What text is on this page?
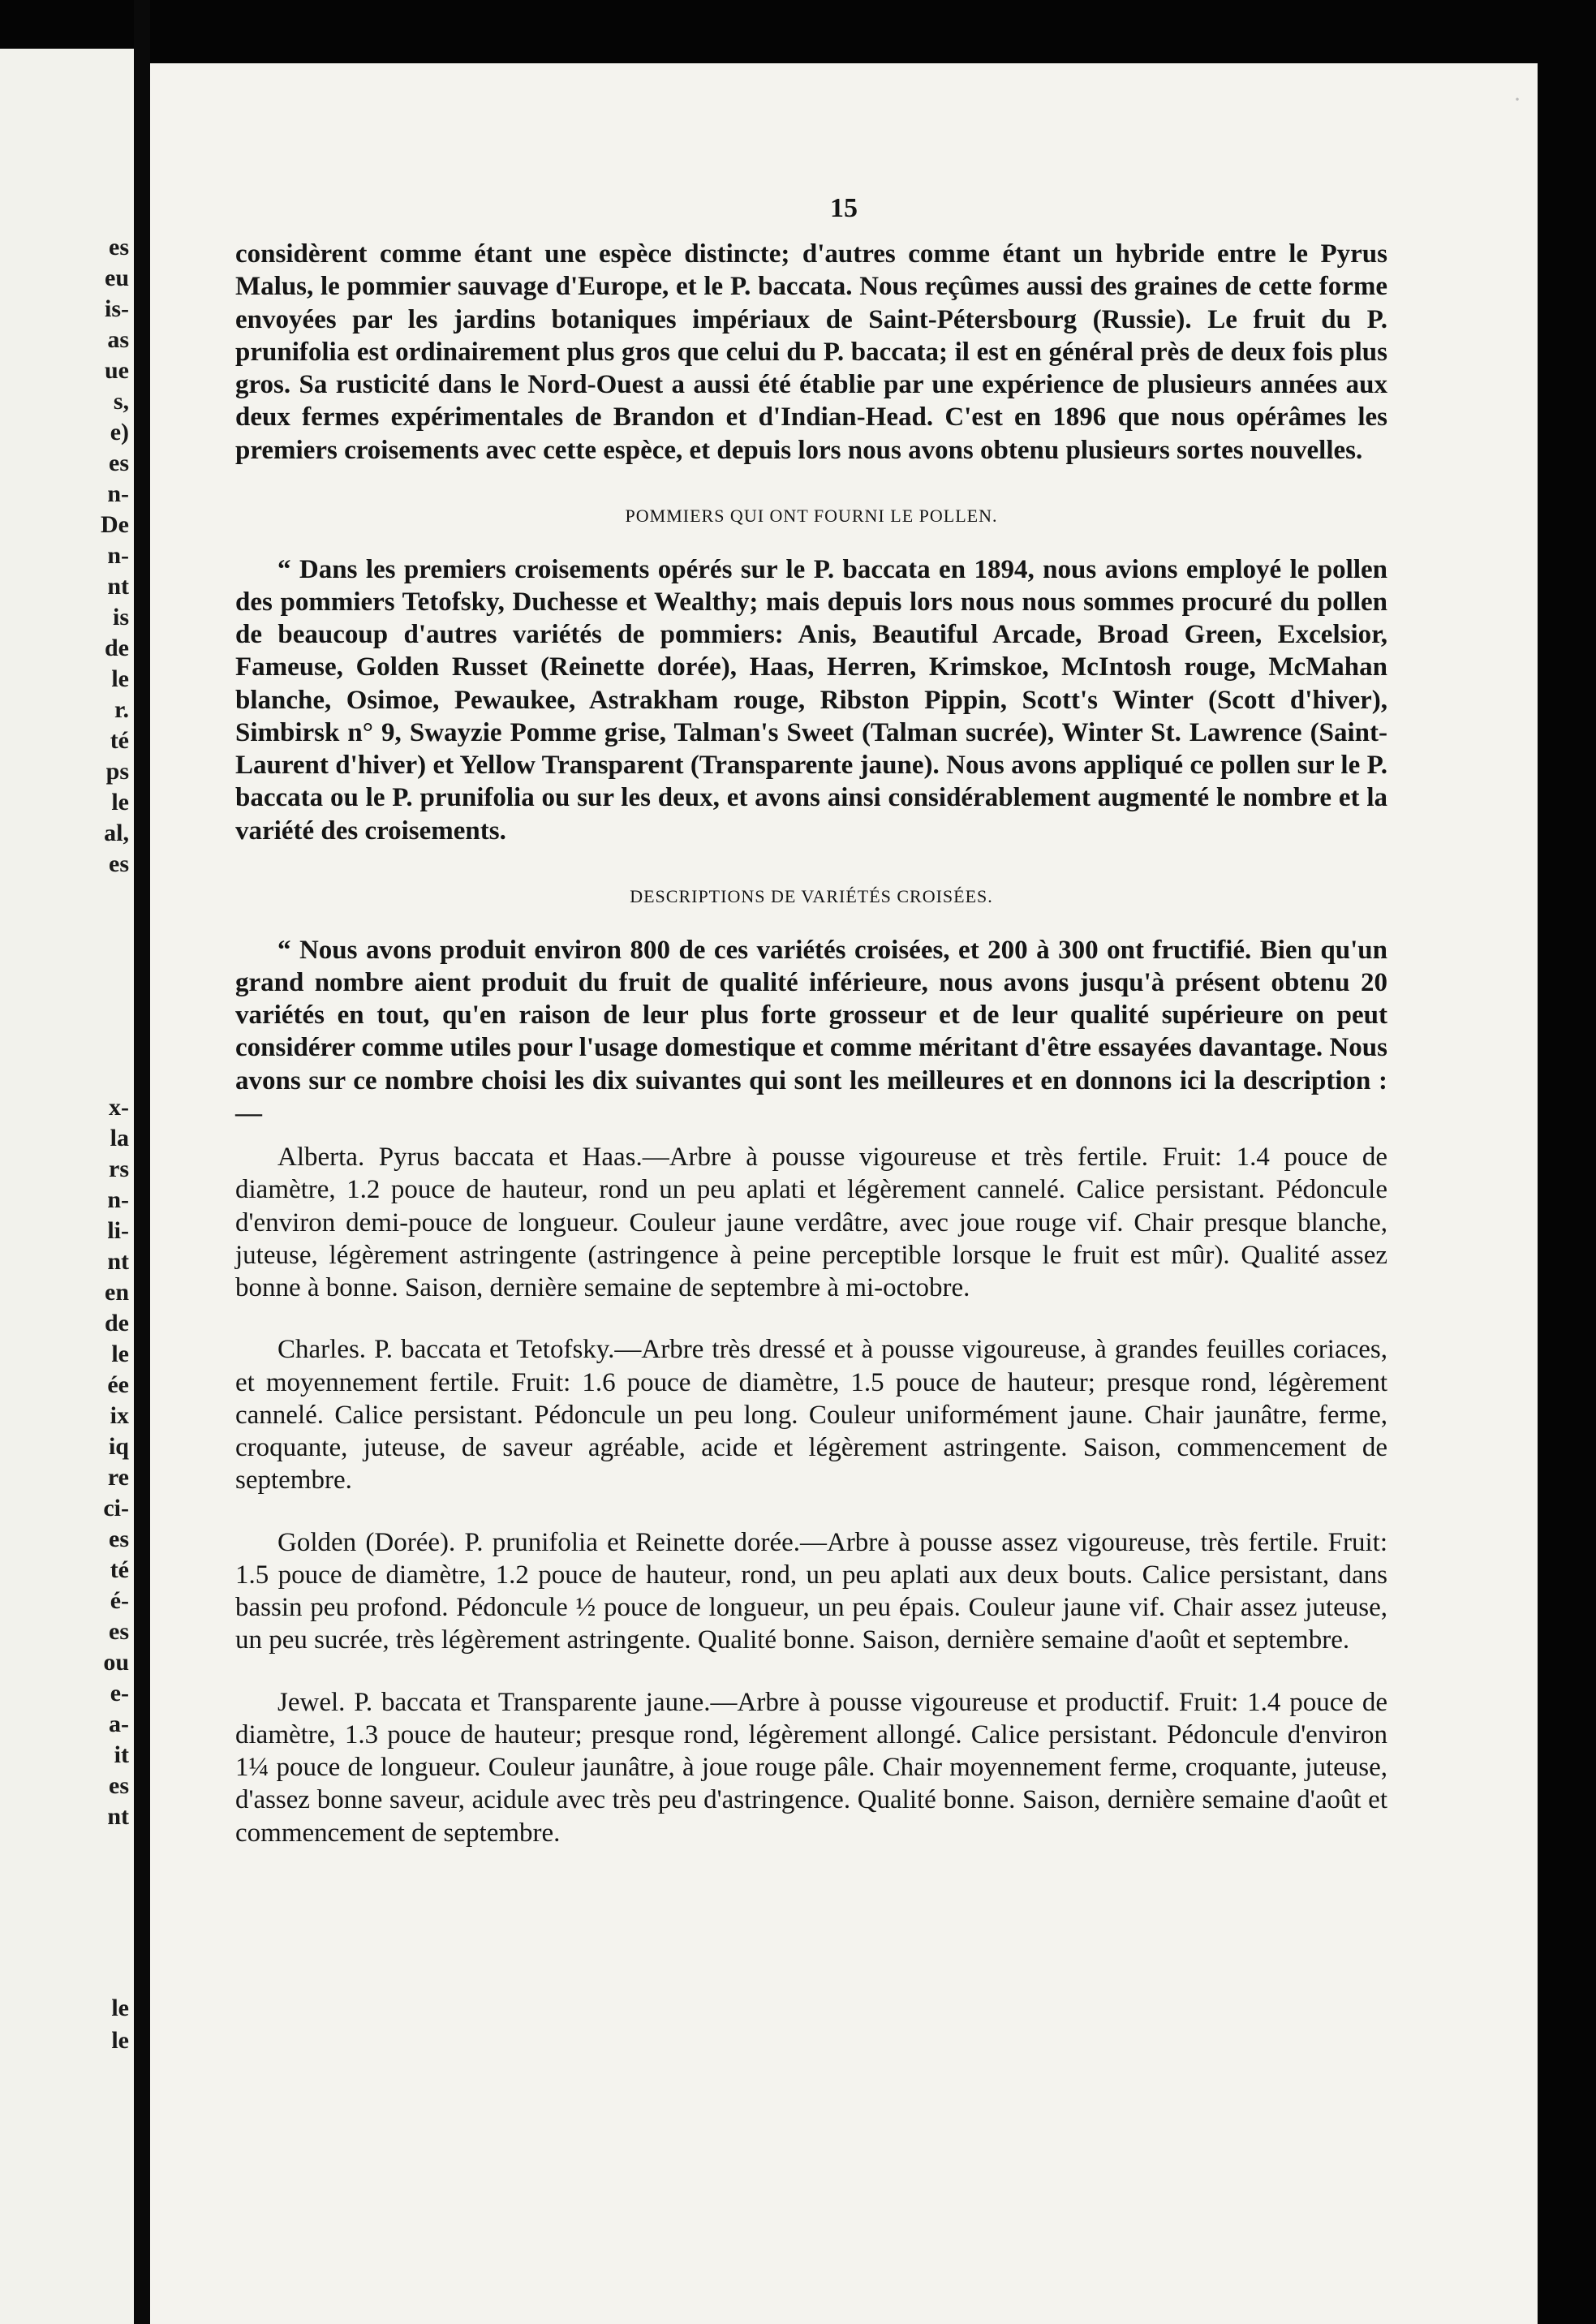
es
eu
is-
as
ue
s,
e)
es
n-
De
n-
nt
is
de
le
r.
té
ps
le
al,
es
x-
la
rs
n-
li-
nt
en
de
le
ée
ix
iq
re
ci-
es
té
é-
es
ou
e-
a-
it
es
nt
le
le
·
15

considèrent comme étant une espèce distincte; d'autres comme étant un hybride entre le Pyrus Malus, le pommier sauvage d'Europe, et le P. baccata. Nous reçûmes aussi des graines de cette forme envoyées par les jardins botaniques impériaux de Saint-Pétersbourg (Russie). Le fruit du P. prunifolia est ordinairement plus gros que celui du P. baccata; il est en général près de deux fois plus gros. Sa rusticité dans le Nord-Ouest a aussi été établie par une expérience de plusieurs années aux deux fermes expérimentales de Brandon et d'Indian-Head. C'est en 1896 que nous opérâmes les premiers croisements avec cette espèce, et depuis lors nous avons obtenu plusieurs sortes nouvelles.

POMMIERS QUI ONT FOURNI LE POLLEN.

“ Dans les premiers croisements opérés sur le P. baccata en 1894, nous avions employé le pollen des pommiers Tetofsky, Duchesse et Wealthy; mais depuis lors nous nous sommes procuré du pollen de beaucoup d'autres variétés de pommiers: Anis, Beautiful Arcade, Broad Green, Excelsior, Fameuse, Golden Russet (Reinette dorée), Haas, Herren, Krimskoe, McIntosh rouge, McMahan blanche, Osimoe, Pewaukee, Astrakham rouge, Ribston Pippin, Scott's Winter (Scott d'hiver), Simbirsk n° 9, Swayzie Pomme grise, Talman's Sweet (Talman sucrée), Winter St. Lawrence (Saint-Laurent d'hiver) et Yellow Transparent (Transparente jaune). Nous avons appliqué ce pollen sur le P. baccata ou le P. prunifolia ou sur les deux, et avons ainsi considérablement augmenté le nombre et la variété des croisements.

DESCRIPTIONS DE VARIÉTÉS CROISÉES.

“ Nous avons produit environ 800 de ces variétés croisées, et 200 à 300 ont fructifié. Bien qu'un grand nombre aient produit du fruit de qualité inférieure, nous avons jusqu'à présent obtenu 20 variétés en tout, qu'en raison de leur plus forte grosseur et de leur qualité supérieure on peut considérer comme utiles pour l'usage domestique et comme méritant d'être essayées davantage. Nous avons sur ce nombre choisi les dix suivantes qui sont les meilleures et en donnons ici la description :—

Alberta. Pyrus baccata et Haas.—Arbre à pousse vigoureuse et très fertile. Fruit: 1.4 pouce de diamètre, 1.2 pouce de hauteur, rond un peu aplati et légèrement cannelé. Calice persistant. Pédoncule d'environ demi-pouce de longueur. Couleur jaune verdâtre, avec joue rouge vif. Chair presque blanche, juteuse, légèrement astringente (astringence à peine perceptible lorsque le fruit est mûr). Qualité assez bonne à bonne. Saison, dernière semaine de septembre à mi-octobre.

Charles. P. baccata et Tetofsky.—Arbre très dressé et à pousse vigoureuse, à grandes feuilles coriaces, et moyennement fertile. Fruit: 1.6 pouce de diamètre, 1.5 pouce de hauteur; presque rond, légèrement cannelé. Calice persistant. Pédoncule un peu long. Couleur uniformément jaune. Chair jaunâtre, ferme, croquante, juteuse, de saveur agréable, acide et légèrement astringente. Saison, commencement de septembre.

Golden (Dorée). P. prunifolia et Reinette dorée.—Arbre à pousse assez vigoureuse, très fertile. Fruit: 1.5 pouce de diamètre, 1.2 pouce de hauteur, rond, un peu aplati aux deux bouts. Calice persistant, dans bassin peu profond. Pédoncule ½ pouce de longueur, un peu épais. Couleur jaune vif. Chair assez juteuse, un peu sucrée, très légèrement astringente. Qualité bonne. Saison, dernière semaine d'août et septembre.

Jewel. P. baccata et Transparente jaune.—Arbre à pousse vigoureuse et productif. Fruit: 1.4 pouce de diamètre, 1.3 pouce de hauteur; presque rond, légèrement allongé. Calice persistant. Pédoncule d'environ 1¼ pouce de longueur. Couleur jaunâtre, à joue rouge pâle. Chair moyennement ferme, croquante, juteuse, d'assez bonne saveur, acidule avec très peu d'astringence. Qualité bonne. Saison, dernière semaine d'août et commencement de septembre.
